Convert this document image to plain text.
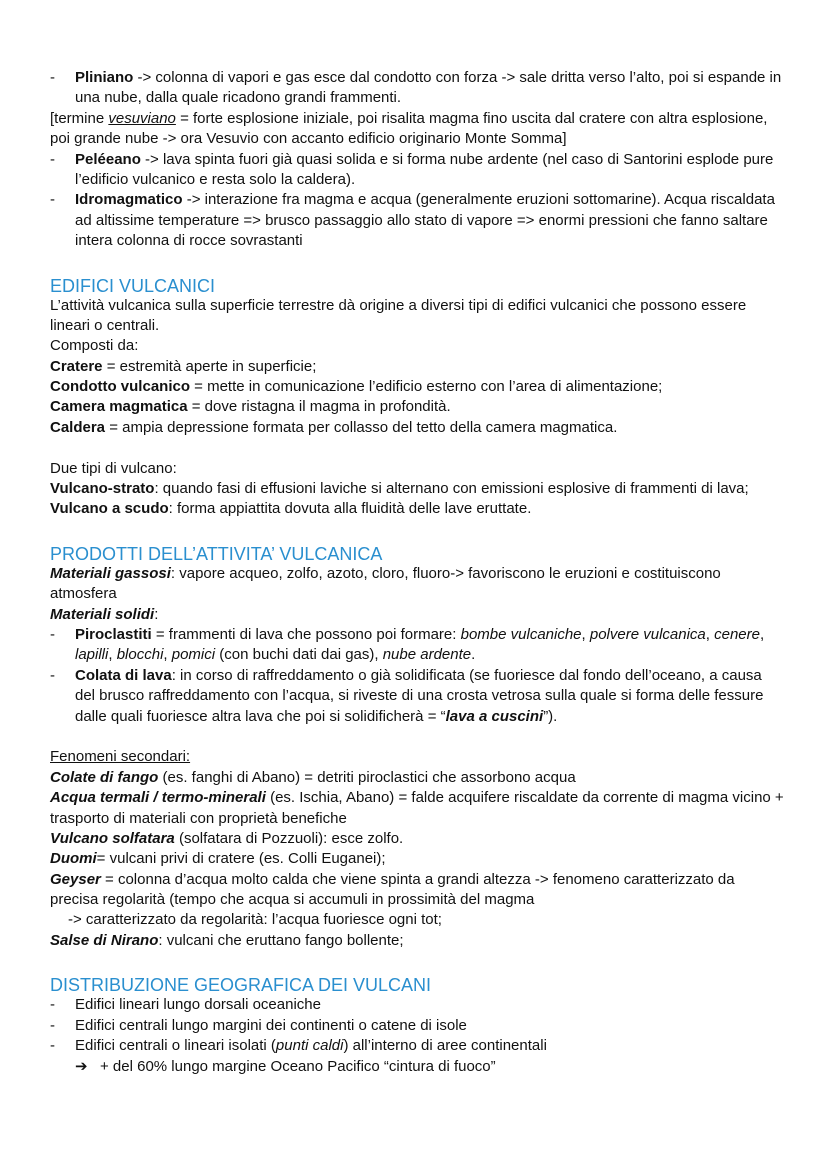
- Pliniano -> colonna di vapori e gas esce dal condotto con forza -> sale dritta verso l’alto, poi si espande in
una nube, dalla quale ricadono grandi frammenti.
[termine vesuviano = forte esplosione iniziale, poi risalita magma fino uscita dal cratere con altra esplosione,
poi grande nube -> ora Vesuvio con accanto edificio originario Monte Somma]
- Peléeano -> lava spinta fuori già quasi solida e si forma nube ardente (nel caso di Santorini esplode pure
l’edificio vulcanico e resta solo la caldera).
- Idromagmatico -> interazione fra magma e acqua (generalmente eruzioni sottomarine). Acqua riscaldata
ad altissime temperature => brusco passaggio allo stato di vapore => enormi pressioni che fanno saltare
intera colonna di rocce sovrastanti
EDIFICI VULCANICI
L’attività vulcanica sulla superficie terrestre dà origine a diversi tipi di edifici vulcanici che possono essere
lineari o centrali.
Composti da:
Cratere = estremità aperte in superficie;
Condotto vulcanico = mette in comunicazione l’edificio esterno con l’area di alimentazione;
Camera magmatica = dove ristagna il magma in profondità.
Caldera = ampia depressione formata per collasso del tetto della camera magmatica.
Due tipi di vulcano:
Vulcano-strato: quando fasi di effusioni laviche si alternano con emissioni esplosive di frammenti di lava;
Vulcano a scudo: forma appiattita dovuta alla fluidità delle lave eruttate.
PRODOTTI DELL’ATTIVITA’ VULCANICA
Materiali gassosi: vapore acqueo, zolfo, azoto, cloro, fluoro-> favoriscono le eruzioni e costituiscono
atmosfera
Materiali solidi:
- Piroclastiti = frammenti di lava che possono poi formare: bombe vulcaniche, polvere vulcanica, cenere,
lapilli, blocchi, pomici (con buchi dati dai gas), nube ardente.
- Colata di lava: in corso di raffreddamento o già solidificata (se fuoriesce dal fondo dell’oceano, a causa
del brusco raffreddamento con l’acqua, si riveste di una crosta vetrosa sulla quale si forma delle fessure
dalle quali fuoriesce altra lava che poi si solidificherà = “lava a cuscini”).
Fenomeni secondari:
Colate di fango (es. fanghi di Abano) = detriti piroclastici che assorbono acqua
Acqua termali / termo-minerali (es. Ischia, Abano) = falde acquifere riscaldate da corrente di magma vicino +
trasporto di materiali con proprietà benefiche
Vulcano solfatara (solfatara di Pozzuoli): esce zolfo.
Duomi= vulcani privi di cratere (es. Colli Euganei);
Geyser = colonna d’acqua molto calda che viene spinta a grandi altezza -> fenomeno caratterizzato da
precisa regolarità (tempo che acqua si accumuli in prossimità del magma
-> caratterizzato da regolarità: l’acqua fuoriesce ogni tot;
Salse di Nirano: vulcani che eruttano fango bollente;
DISTRIBUZIONE GEOGRAFICA DEI VULCANI
- Edifici lineari lungo dorsali oceaniche
- Edifici centrali lungo margini dei continenti o catene di isole
- Edifici centrali o lineari isolati (punti caldi) all’interno di aree continentali
➔ + del 60% lungo margine Oceano Pacifico “cintura di fuoco”
